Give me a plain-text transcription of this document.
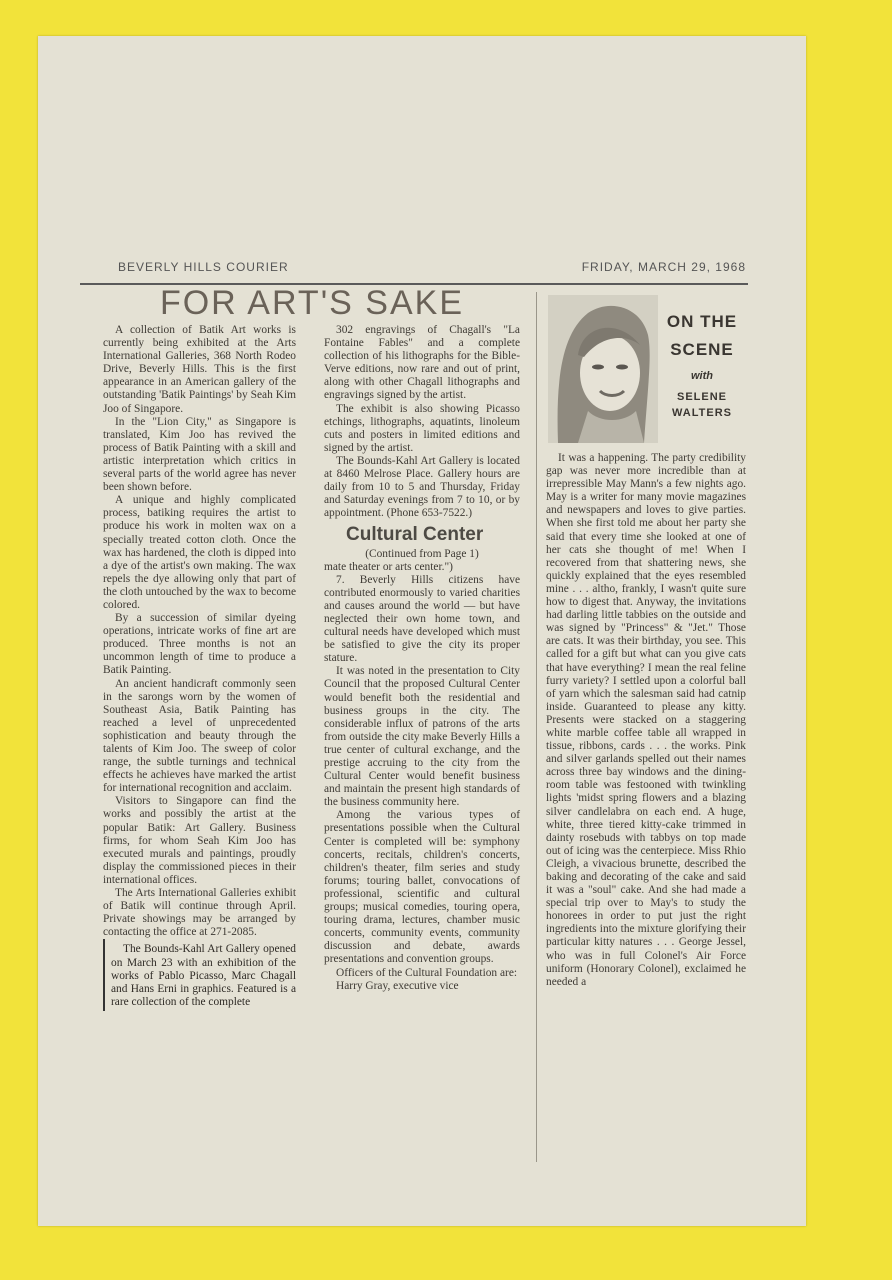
BEVERLY HILLS COURIER	FRIDAY, MARCH 29, 1968
FOR ART'S SAKE

A collection of Batik Art works is currently being exhibited at the Arts International Galleries, 368 North Rodeo Drive, Beverly Hills. This is the first appearance in an American gallery of the outstanding 'Batik Paintings' by Seah Kim Joo of Singapore.

In the "Lion City," as Singapore is translated, Kim Joo has revived the process of Batik Painting with a skill and artistic interpretation which critics in several parts of the world agree has never been shown before.

A unique and highly complicated process, batiking requires the artist to produce his work in molten wax on a specially treated cotton cloth. Once the wax has hardened, the cloth is dipped into a dye of the artist's own making. The wax repels the dye allowing only that part of the cloth untouched by the wax to become colored.

By a succession of similar dyeing operations, intricate works of fine art are produced. Three months is not an uncommon length of time to produce a Batik Painting.

An ancient handicraft commonly seen in the sarongs worn by the women of Southeast Asia, Batik Painting has reached a level of unprecedented sophistication and beauty through the talents of Kim Joo. The sweep of color range, the subtle turnings and technical effects he achieves have marked the artist for international recognition and acclaim.

Visitors to Singapore can find the works and possibly the artist at the popular Batik: Art Gallery. Business firms, for whom Seah Kim Joo has executed murals and paintings, proudly display the commissioned pieces in their international offices.

The Arts International Galleries exhibit of Batik will continue through April. Private showings may be arranged by contacting the office at 271-2085.

The Bounds-Kahl Art Gallery opened on March 23 with an exhibition of the works of Pablo Picasso, Marc Chagall and Hans Erni in graphics. Featured is a rare collection of the complete

302 engravings of Chagall's "La Fontaine Fables" and a complete collection of his lithographs for the Bible-Verve editions, now rare and out of print, along with other Chagall lithographs and engravings signed by the artist.

The exhibit is also showing Picasso etchings, lithographs, aquatints, linoleum cuts and posters in limited editions and signed by the artist.

The Bounds-Kahl Art Gallery is located at 8460 Melrose Place. Gallery hours are daily from 10 to 5 and Thursday, Friday and Saturday evenings from 7 to 10, or by appointment. (Phone 653-7522.)

Cultural Center

(Continued from Page 1)

mate theater or arts center.")

7. Beverly Hills citizens have contributed enormously to varied charities and causes around the world — but have neglected their own home town, and cultural needs have developed which must be satisfied to give the city its proper stature.

It was noted in the presentation to City Council that the proposed Cultural Center would benefit both the residential and business groups in the city. The considerable influx of patrons of the arts from outside the city make Beverly Hills a true center of cultural exchange, and the prestige accruing to the city from the Cultural Center would benefit business and maintain the present high standards of the business community here.

Among the various types of presentations possible when the Cultural Center is completed will be: symphony concerts, recitals, children's concerts, children's theater, film series and study forums; touring ballet, convocations of professional, scientific and cultural groups; musical comedies, touring opera, touring drama, lectures, chamber music concerts, community events, community discussion and debate, awards presentations and convention groups.

Officers of the Cultural Foundation are:

Harry Gray, executive vice

ON THE
SCENE
with
SELENE
WALTERS

It was a happening. The party credibility gap was never more incredible than at irrepressible May Mann's a few nights ago. May is a writer for many movie magazines and newspapers and loves to give parties. When she first told me about her party she said that every time she looked at one of her cats she thought of me! When I recovered from that shattering news, she quickly explained that the eyes resembled mine . . . altho, frankly, I wasn't quite sure how to digest that. Anyway, the invitations had darling little tabbies on the outside and was signed by "Princess" & "Jet." Those are cats. It was their birthday, you see. This called for a gift but what can you give cats that have everything? I mean the real feline furry variety? I settled upon a colorful ball of yarn which the salesman said had catnip inside. Guaranteed to please any kitty. Presents were stacked on a staggering white marble coffee table all wrapped in tissue, ribbons, cards . . . the works. Pink and silver garlands spelled out their names across three bay windows and the dining-room table was festooned with twinkling lights 'midst spring flowers and a blazing silver candlelabra on each end. A huge, white, three tiered kitty-cake trimmed in dainty rosebuds with tabbys on top made out of icing was the centerpiece. Miss Rhio Cleigh, a vivacious brunette, described the baking and decorating of the cake and said it was a "soul" cake. And she had made a special trip over to May's to study the honorees in order to put just the right ingredients into the mixture glorifying their particular kitty natures . . . George Jessel, who was in full Colonel's Air Force uniform (Honorary Colonel), exclaimed he needed a
